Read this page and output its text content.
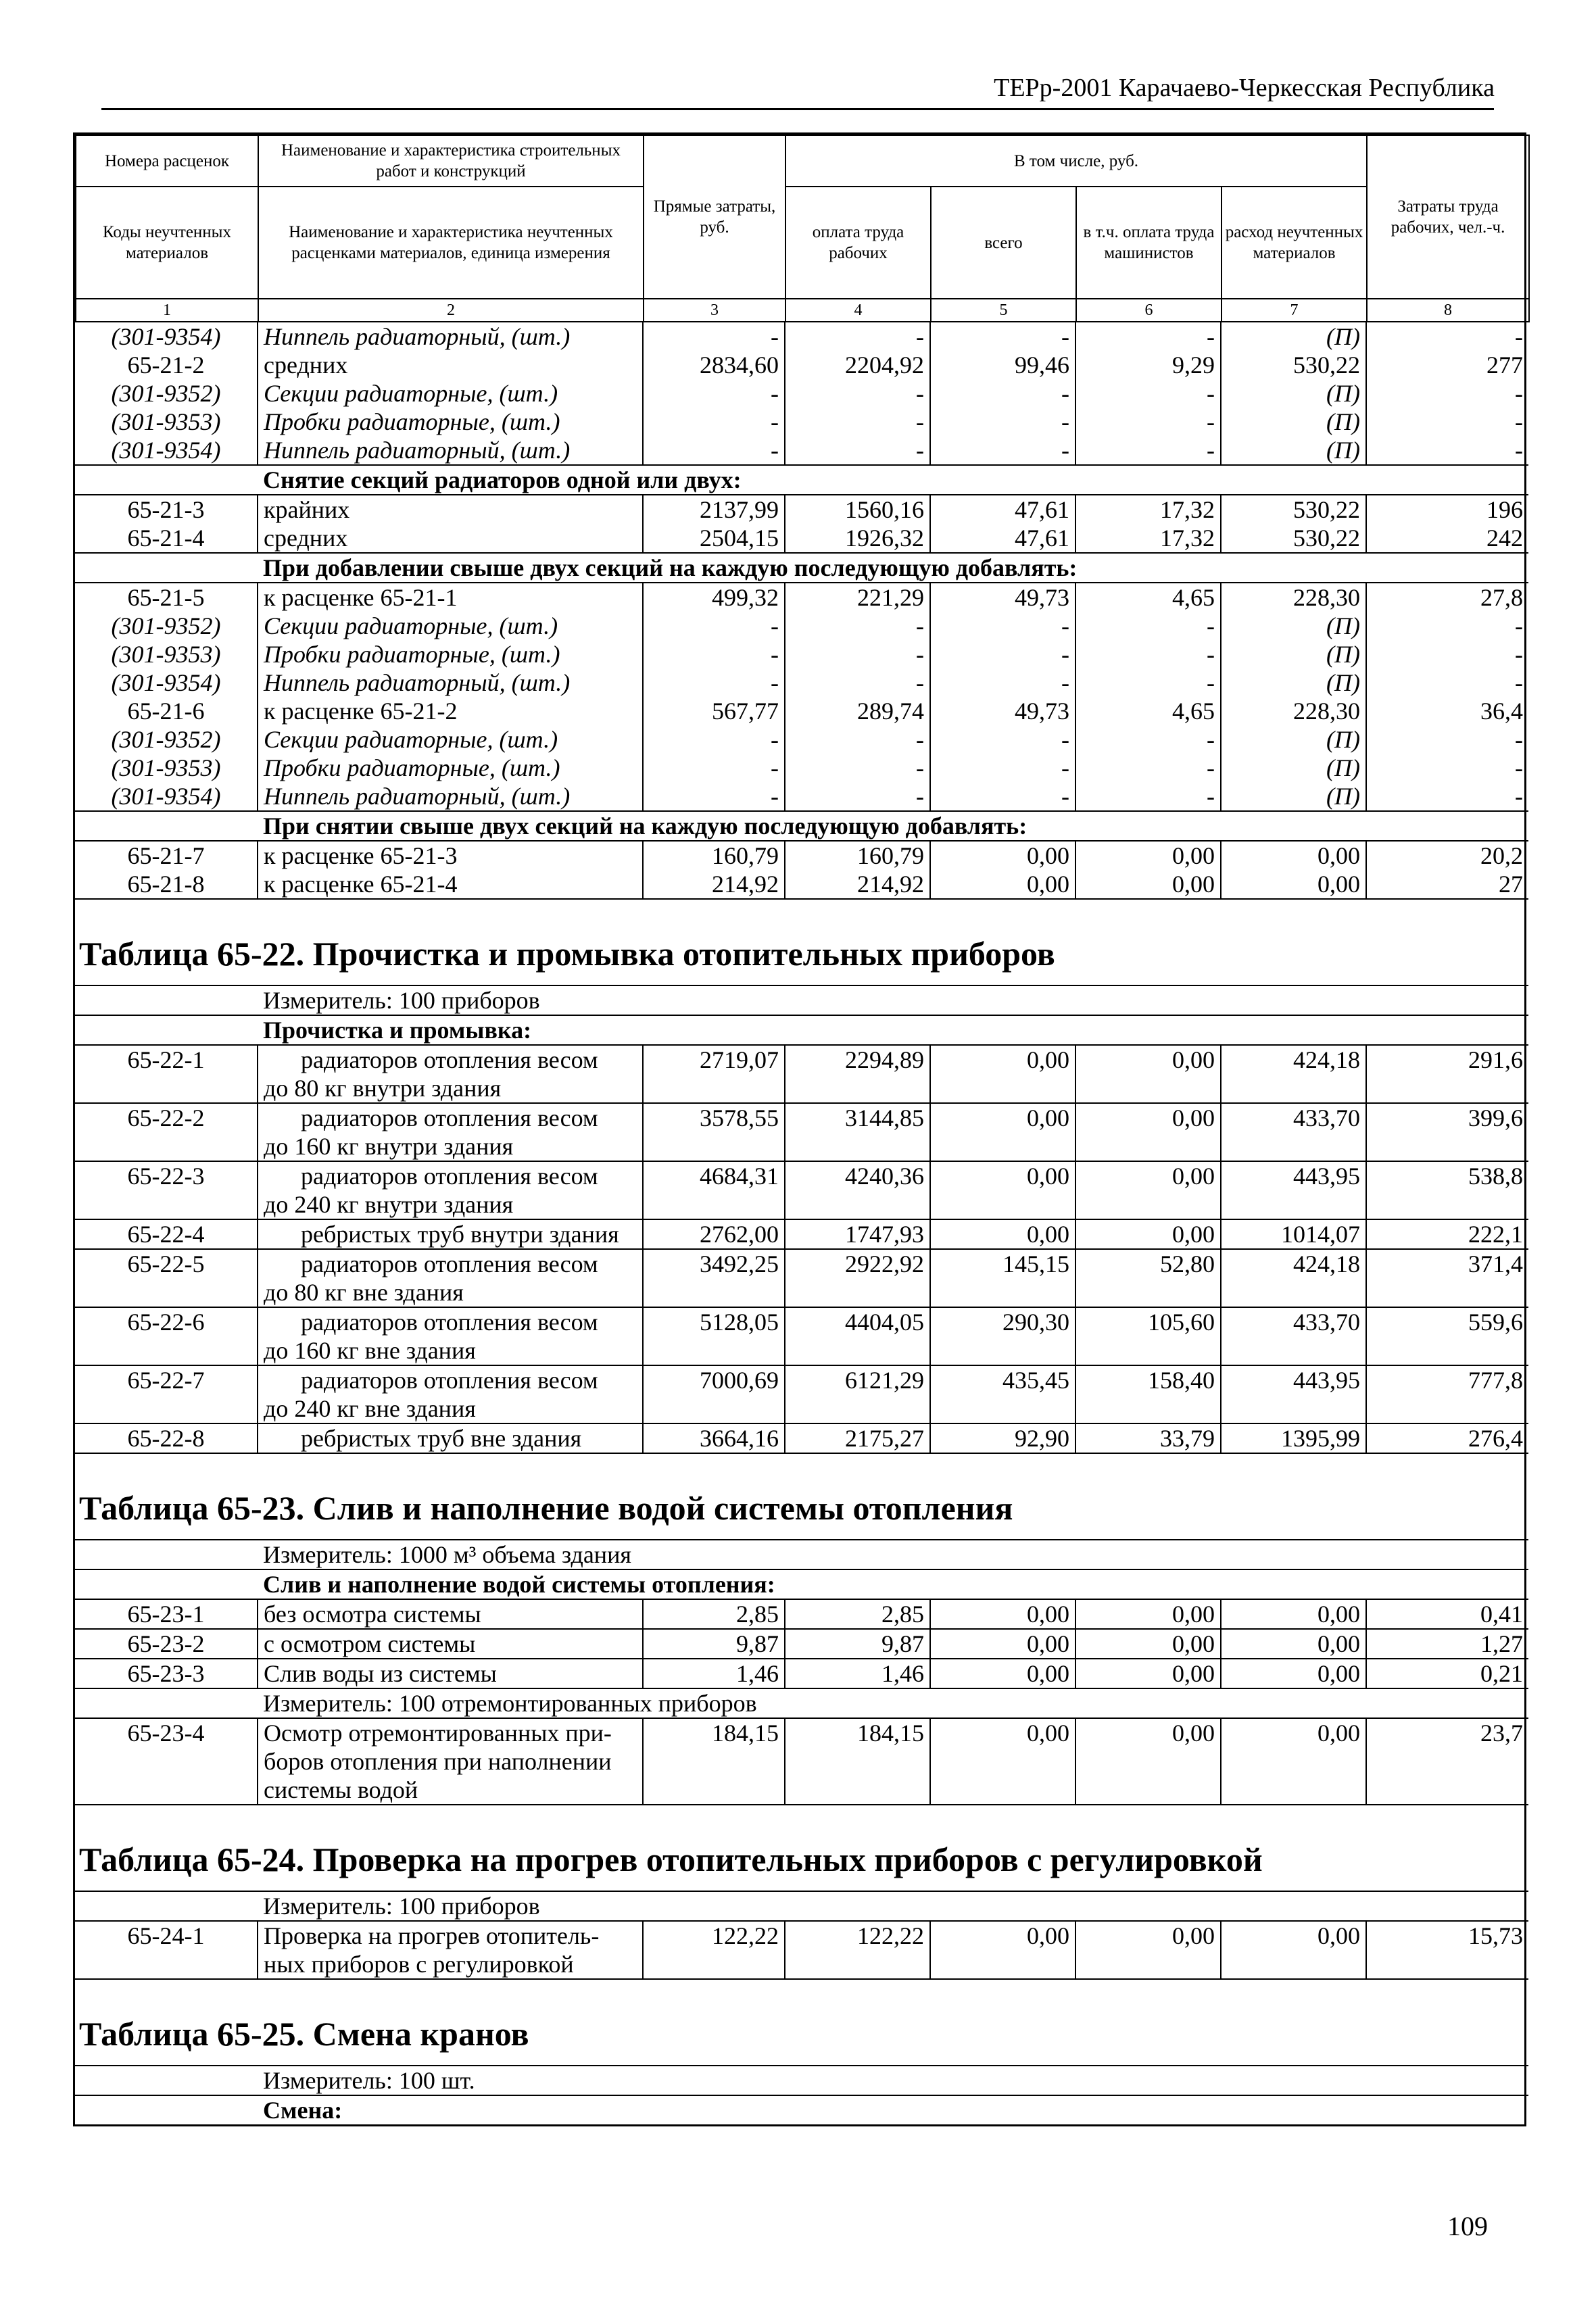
ТЕРр-2001 Карачаево-Черкесская Республика
Номера расценок	Наименование и характеристика строительных работ и конструкций	Прямые затраты, руб.	В том числе, руб.				Затраты труда рабочих, чел.-ч.
Коды неучтенных материалов	Наименование и характеристика неучтенных расценками материалов, единица измерения		оплата труда рабочих	всего	в т.ч. оплата труда машинистов	расход неучтенных материалов	
1	2	3	4	5	6	7	8
(301-9354)	Ниппель радиаторный, (шт.)	-	-	-	-	(П)	-
65-21-2	средних	2834,60	2204,92	99,46	9,29	530,22	277
(301-9352)	Секции радиаторные, (шт.)	-	-	-	-	(П)	-
(301-9353)	Пробки радиаторные, (шт.)	-	-	-	-	(П)	-
(301-9354)	Ниппель радиаторный, (шт.)	-	-	-	-	(П)	-
	Снятие секций радиаторов одной или двух:						
65-21-3	крайних	2137,99	1560,16	47,61	17,32	530,22	196
65-21-4	средних	2504,15	1926,32	47,61	17,32	530,22	242
	При добавлении свыше двух секций на каждую последующую добавлять:						
65-21-5	к расценке 65-21-1	499,32	221,29	49,73	4,65	228,30	27,8
(301-9352)	Секции радиаторные, (шт.)	-	-	-	-	(П)	-
(301-9353)	Пробки радиаторные, (шт.)	-	-	-	-	(П)	-
(301-9354)	Ниппель радиаторный, (шт.)	-	-	-	-	(П)	-
65-21-6	к расценке 65-21-2	567,77	289,74	49,73	4,65	228,30	36,4
(301-9352)	Секции радиаторные, (шт.)	-	-	-	-	(П)	-
(301-9353)	Пробки радиаторные, (шт.)	-	-	-	-	(П)	-
(301-9354)	Ниппель радиаторный, (шт.)	-	-	-	-	(П)	-
	При снятии свыше двух секций на каждую последующую добавлять:						
65-21-7	к расценке 65-21-3	160,79	160,79	0,00	0,00	0,00	20,2
65-21-8	к расценке 65-21-4	214,92	214,92	0,00	0,00	0,00	27

Таблица 65-22. Прочистка и промывка отопительных приборов							

	Измеритель: 100 приборов						
	Прочистка и промывка:						
65-22-1	радиаторов отопления весом
до 80 кг внутри здания	2719,07	2294,89	0,00	0,00	424,18	291,6
65-22-2	радиаторов отопления весом
до 160 кг внутри здания	3578,55	3144,85	0,00	0,00	433,70	399,6
65-22-3	радиаторов отопления весом
до 240 кг внутри здания	4684,31	4240,36	0,00	0,00	443,95	538,8
65-22-4	ребристых труб внутри здания	2762,00	1747,93	0,00	0,00	1014,07	222,1
65-22-5	радиаторов отопления весом
до 80 кг вне здания	3492,25	2922,92	145,15	52,80	424,18	371,4
65-22-6	радиаторов отопления весом
до 160 кг вне здания	5128,05	4404,05	290,30	105,60	433,70	559,6
65-22-7	радиаторов отопления весом
до 240 кг вне здания	7000,69	6121,29	435,45	158,40	443,95	777,8
65-22-8	ребристых труб вне здания	3664,16	2175,27	92,90	33,79	1395,99	276,4

Таблица 65-23. Слив и наполнение водой системы отопления							

	Измеритель: 1000 м³ объема здания						
	Слив и наполнение водой системы отопления:						
65-23-1	без осмотра системы	2,85	2,85	0,00	0,00	0,00	0,41
65-23-2	с осмотром системы	9,87	9,87	0,00	0,00	0,00	1,27
65-23-3	Слив воды из системы	1,46	1,46	0,00	0,00	0,00	0,21
	Измеритель: 100 отремонтированных приборов						
65-23-4	Осмотр отремонтированных при-
боров отопления при наполнении
системы водой	184,15	184,15	0,00	0,00	0,00	23,7

Таблица 65-24. Проверка на прогрев отопительных приборов с регулировкой							

	Измеритель: 100 приборов						
65-24-1	Проверка на прогрев отопитель-
ных приборов с регулировкой	122,22	122,22	0,00	0,00	0,00	15,73

Таблица 65-25. Смена кранов							

	Измеритель: 100 шт.						
	Смена:						
109
